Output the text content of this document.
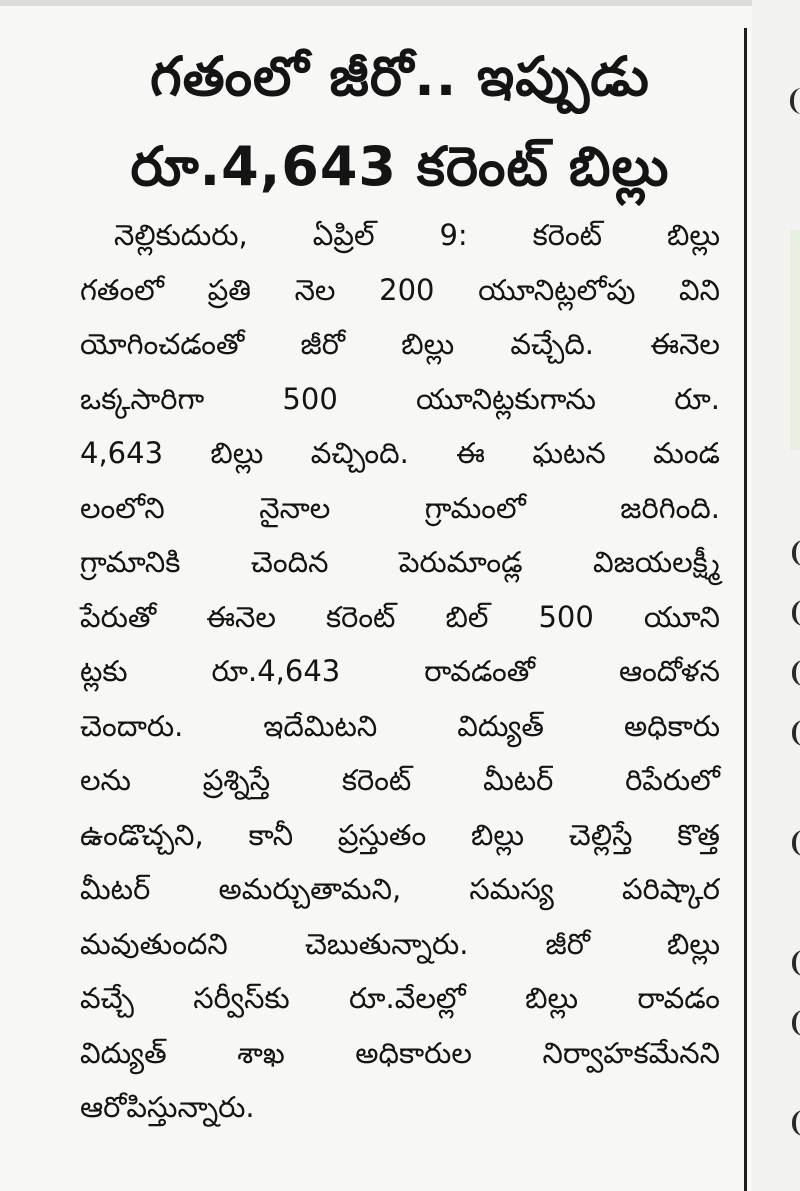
గతంలో జీరో.. ఇప్పుడు
రూ.4,643 కరెంట్ బిల్లు
నెల్లికుదురు, ఏప్రిల్ 9: కరెంట్ బిల్లు
గతంలో ప్రతి నెల 200 యూనిట్లలోపు విని
యోగించడంతో జీరో బిల్లు వచ్చేది. ఈనెల
ఒక్కసారిగా 500 యూనిట్లకుగాను రూ.
4,643 బిల్లు వచ్చింది. ఈ ఘటన మండ
లంలోని నైనాల గ్రామంలో జరిగింది.
గ్రామానికి చెందిన పెరుమాండ్ల విజయలక్ష్మీ
పేరుతో ఈనెల కరెంట్ బిల్ 500 యూని
ట్లకు రూ.4,643 రావడంతో ఆందోళన
చెందారు. ఇదేమిటని విద్యుత్ అధికారు
లను ప్రశ్నిస్తే కరెంట్ మీటర్ రిపేరులో
ఉండొచ్చని, కానీ ప్రస్తుతం బిల్లు చెల్లిస్తే కొత్త
మీటర్ అమర్చుతామని, సమస్య పరిష్కార
మవుతుందని చెబుతున్నారు. జీరో బిల్లు
వచ్చే సర్వీస్‌కు రూ.వేలల్లో బిల్లు రావడం
విద్యుత్ శాఖ అధికారుల నిర్వాహకమేనని
ఆరోపిస్తున్నారు.
